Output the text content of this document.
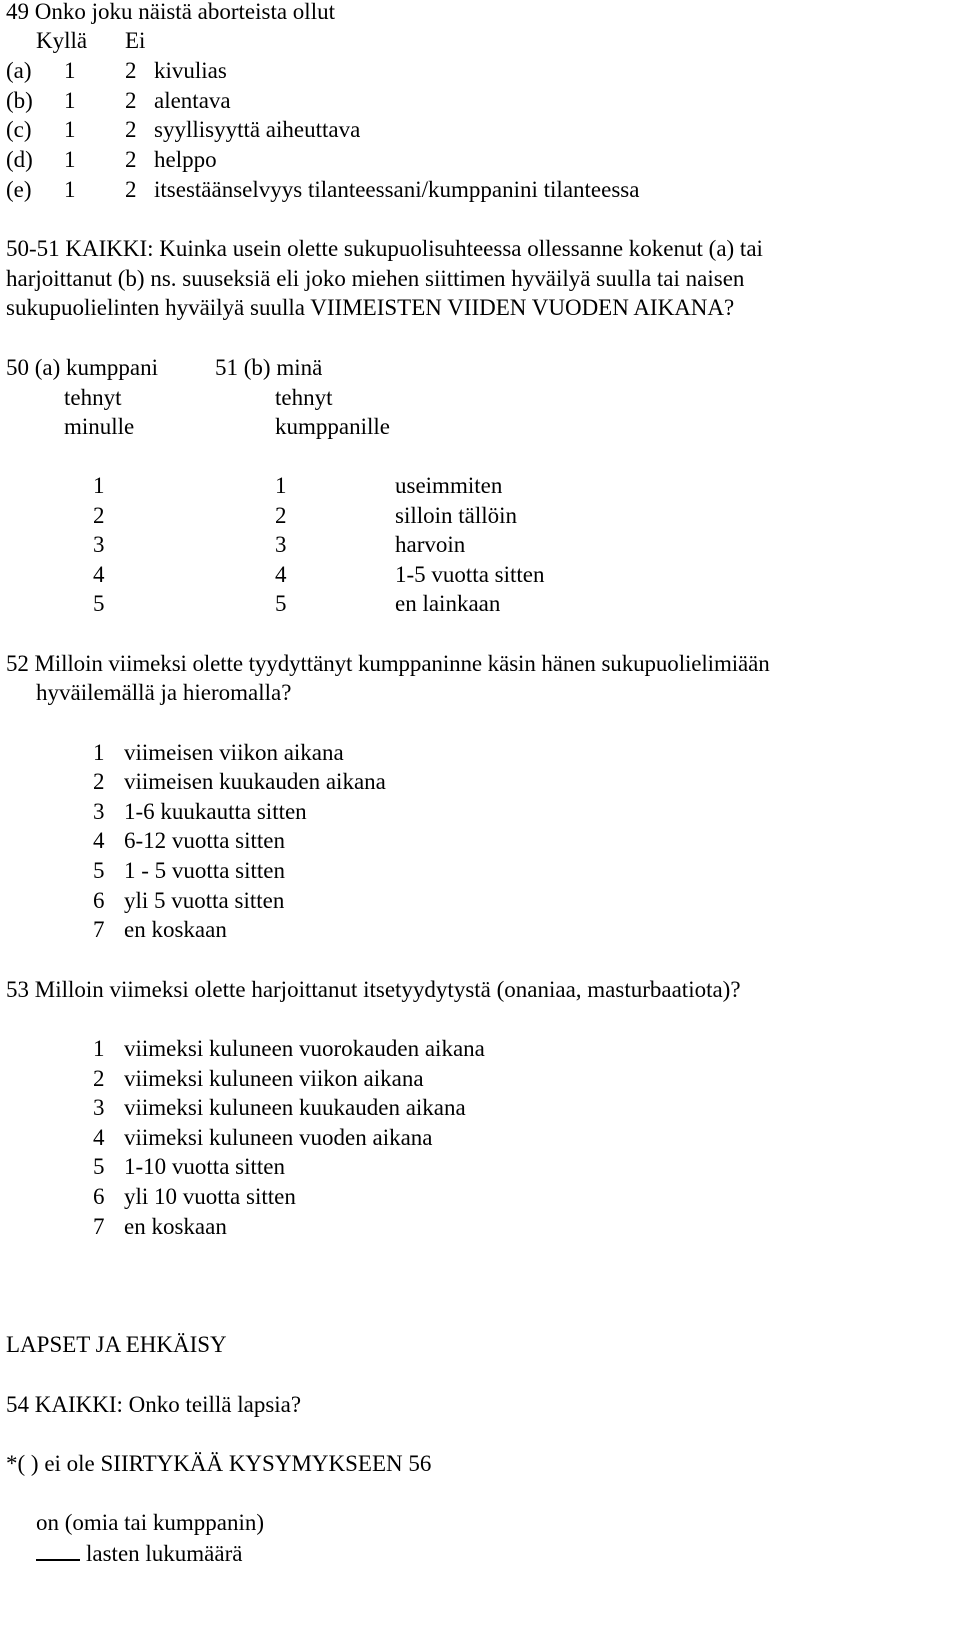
49 Onko joku näistä aborteista ollut
Kyllä Ei
(a) 1 2 kivulias
(b) 1 2 alentava
(c) 1 2 syyllisyyttä aiheuttava
(d) 1 2 helppo
(e) 1 2 itsestäänselvyys tilanteessani/kumppanini tilanteessa
50-51 KAIKKI: Kuinka usein olette sukupuolisuhteessa ollessanne kokenut (a) tai
harjoittanut (b) ns. suuseksiä eli joko miehen siittimen hyväilyä suulla tai naisen
sukupuolielinten hyväilyä suulla VIIMEISTEN VIIDEN VUODEN AIKANA?
50 (a) kumppani
tehnyt
minulle
51 (b) minä
tehnyt
kumppanille
1	1	useimmiten
2	2	silloin tällöin
3	3	harvoin
4	4	1-5 vuotta sitten
5	5	en lainkaan
52 Milloin viimeksi olette tyydyttänyt kumppaninne käsin hänen sukupuolielimiään
hyväilemällä ja hieromalla?
1 viimeisen viikon aikana
2 viimeisen kuukauden aikana
3 1-6 kuukautta sitten
4 6-12 vuotta sitten
5 1 - 5 vuotta sitten
6 yli 5 vuotta sitten
7 en koskaan
53 Milloin viimeksi olette harjoittanut itsetyydytystä (onaniaa, masturbaatiota)?
1 viimeksi kuluneen vuorokauden aikana
2 viimeksi kuluneen viikon aikana
3 viimeksi kuluneen kuukauden aikana
4 viimeksi kuluneen vuoden aikana
5 1-10 vuotta sitten
6 yli 10 vuotta sitten
7 en koskaan
LAPSET JA EHKÄISY
54 KAIKKI: Onko teillä lapsia?
*( ) ei ole SIIRTYKÄÄ KYSYMYKSEEN 56
on (omia tai kumppanin)
lasten lukumäärä
